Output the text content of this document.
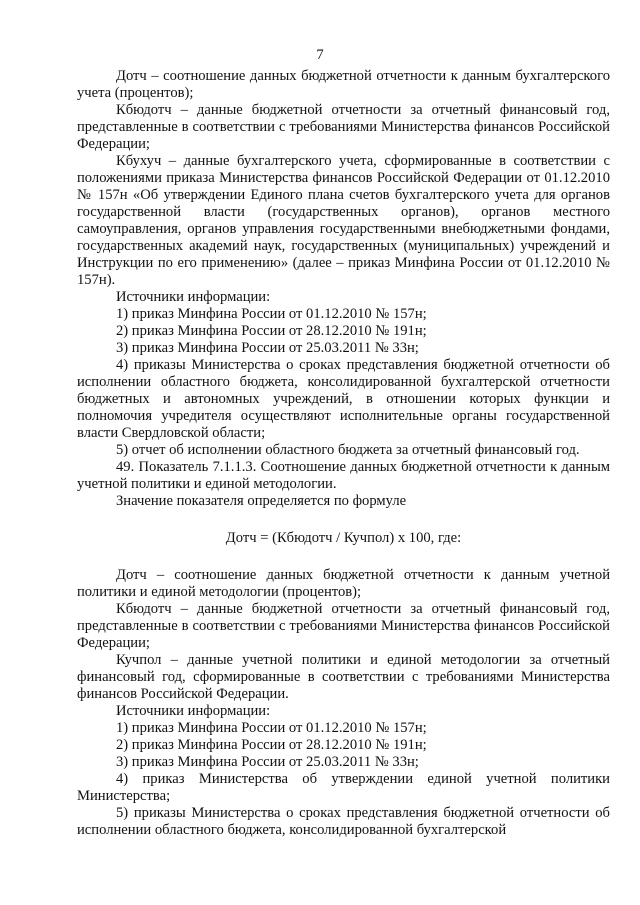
7

Дотч – соотношение данных бюджетной отчетности к данным бухгалтерского учета (процентов);

Кбюдотч – данные бюджетной отчетности за отчетный финансовый год, представленные в соответствии с требованиями Министерства финансов Российской Федерации;

Кбухуч – данные бухгалтерского учета, сформированные в соответствии с положениями приказа Министерства финансов Российской Федерации от 01.12.2010 № 157н «Об утверждении Единого плана счетов бухгалтерского учета для органов государственной власти (государственных органов), органов местного самоуправления, органов управления государственными внебюджетными фондами, государственных академий наук, государственных (муниципальных) учреждений и Инструкции по его применению» (далее – приказ Минфина России от 01.12.2010 № 157н).

Источники информации:

1) приказ Минфина России от 01.12.2010 № 157н;

2) приказ Минфина России от 28.12.2010 № 191н;

3) приказ Минфина России от 25.03.2011 № 33н;

4) приказы Министерства о сроках представления бюджетной отчетности об исполнении областного бюджета, консолидированной бухгалтерской отчетности бюджетных и автономных учреждений, в отношении которых функции и полномочия учредителя осуществляют исполнительные органы государственной власти Свердловской области;

5) отчет об исполнении областного бюджета за отчетный финансовый год.

49. Показатель 7.1.1.3. Соотношение данных бюджетной отчетности к данным учетной политики и единой методологии.

Значение показателя определяется по формуле

Дотч = (Кбюдотч / Кучпол) x 100, где:

Дотч – соотношение данных бюджетной отчетности к данным учетной политики и единой методологии (процентов);

Кбюдотч – данные бюджетной отчетности за отчетный финансовый год, представленные в соответствии с требованиями Министерства финансов Российской Федерации;

Кучпол – данные учетной политики и единой методологии за отчетный финансовый год, сформированные в соответствии с требованиями Министерства финансов Российской Федерации.

Источники информации:

1) приказ Минфина России от 01.12.2010 № 157н;

2) приказ Минфина России от 28.12.2010 № 191н;

3) приказ Минфина России от 25.03.2011 № 33н;

4) приказ Министерства об утверждении единой учетной политики Министерства;

5) приказы Министерства о сроках представления бюджетной отчетности об исполнении областного бюджета, консолидированной бухгалтерской
